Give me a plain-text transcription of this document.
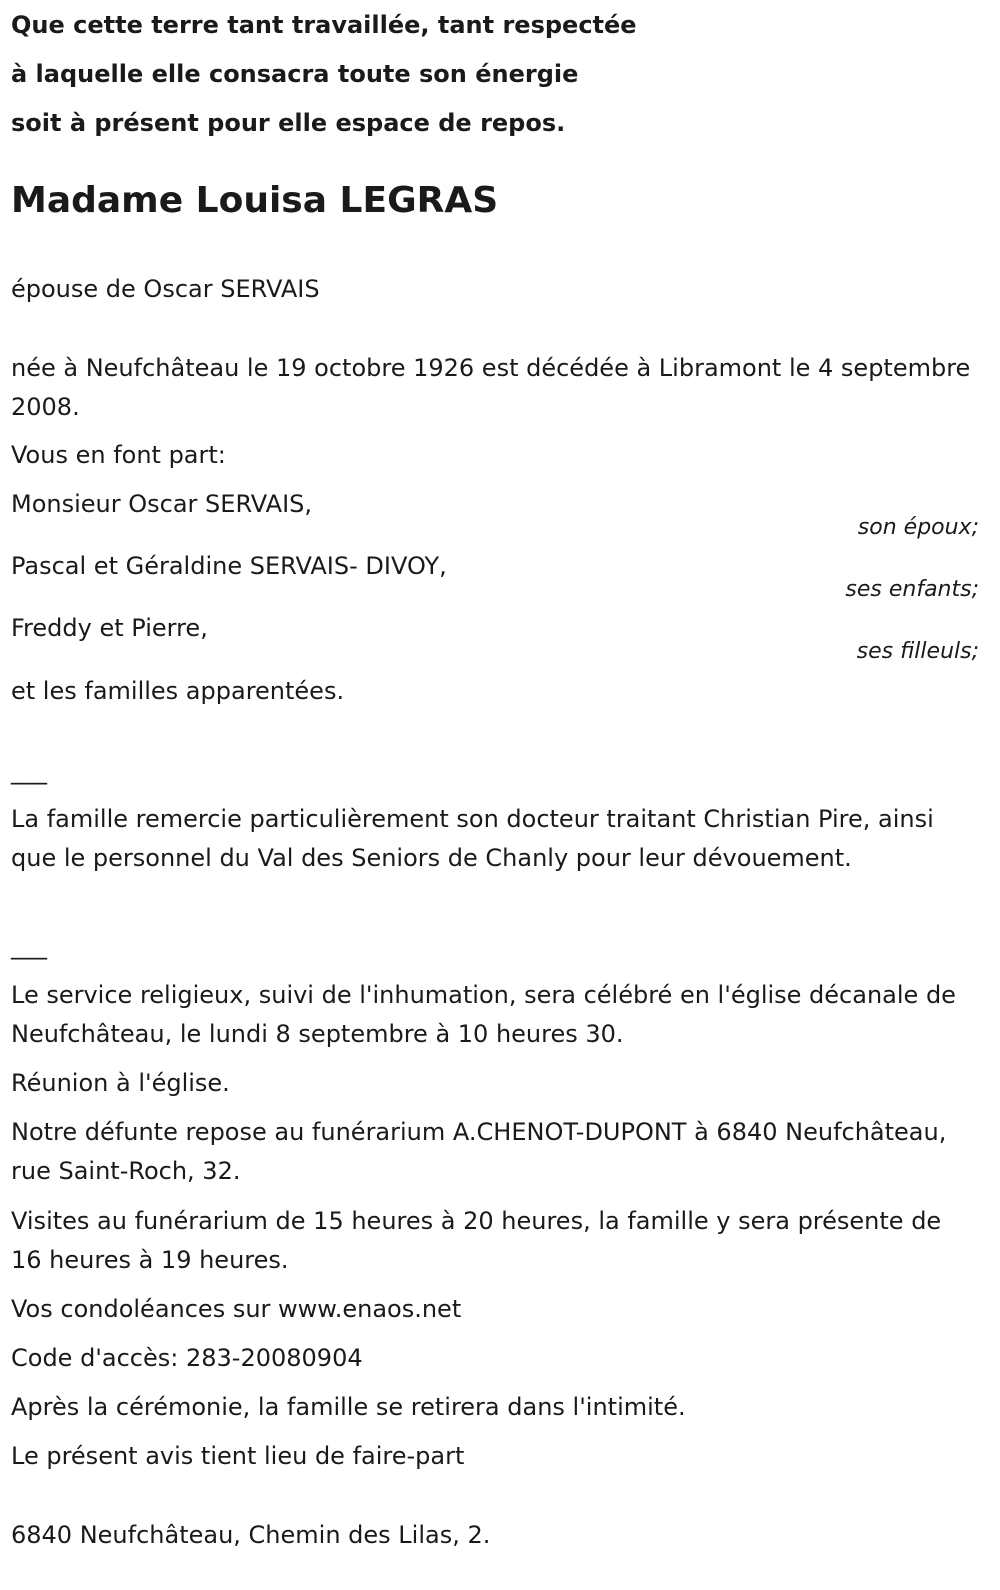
Que cette terre tant travaillée, tant respectée
à laquelle elle consacra toute son énergie
soit à présent pour elle espace de repos.
Madame Louisa LEGRAS

épouse de Oscar SERVAIS

née à Neufchâteau le 19 octobre 1926 est décédée à Libramont le 4 septembre 2008.

Vous en font part:

Monsieur Oscar SERVAIS,

son époux;

Pascal et Géraldine SERVAIS- DIVOY,

ses enfants;

Freddy et Pierre,

ses filleuls;

et les familles apparentées.

___

La famille remercie particulièrement son docteur traitant Christian Pire, ainsi que le personnel du Val des Seniors de Chanly pour leur dévouement.

___

Le service religieux, suivi de l'inhumation, sera célébré en l'église décanale de Neufchâteau, le lundi 8 septembre à 10 heures 30.

Réunion à l'église.

Notre défunte repose au funérarium A.CHENOT-DUPONT à 6840 Neufchâteau, rue Saint-Roch, 32.

Visites au funérarium de 15 heures à 20 heures, la famille y sera présente de 16 heures à 19 heures.

Vos condoléances sur www.enaos.net

Code d'accès: 283-20080904

Après la cérémonie, la famille se retirera dans l'intimité.

Le présent avis tient lieu de faire-part

6840 Neufchâteau, Chemin des Lilas, 2.
